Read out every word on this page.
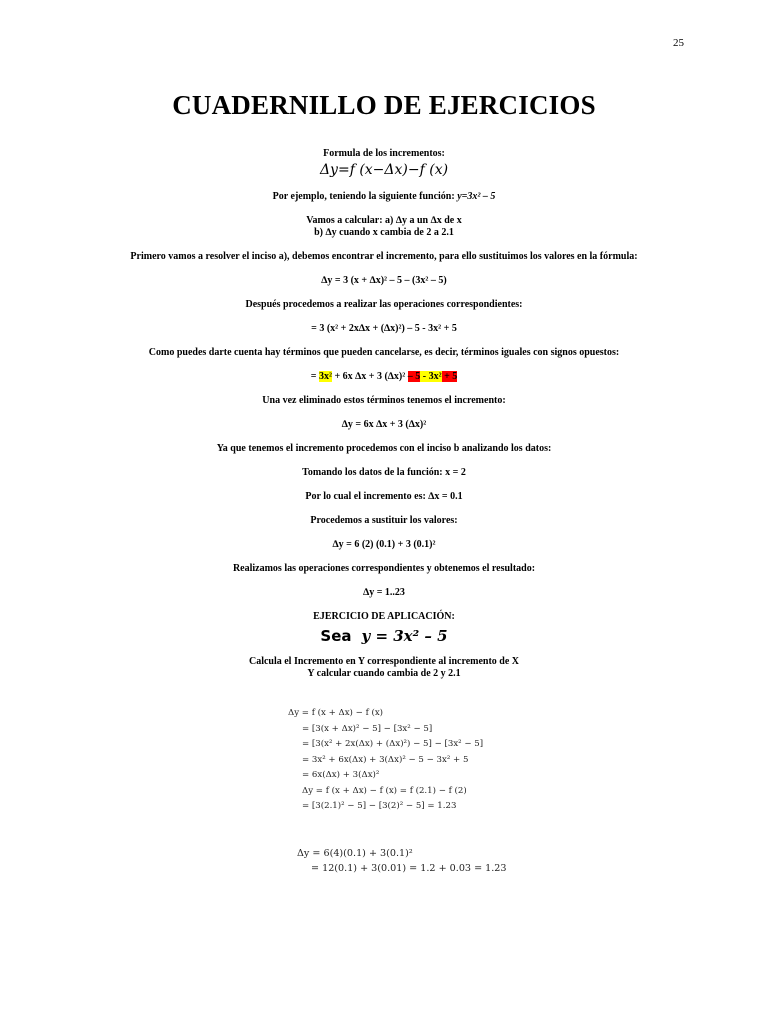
25
CUADERNILLO DE EJERCICIOS

Formula de los incrementos:

Δy=f (x−Δx)−f (x)

Por ejemplo, teniendo la siguiente función: y=3x² – 5

Vamos a calcular: a) ∆y a un ∆x de x

b) ∆y cuando x cambia de 2 a 2.1

Primero vamos a resolver el inciso a), debemos encontrar el incremento, para ello sustituimos los valores en la fórmula:

∆y = 3 (x + ∆x)² – 5 – (3x² – 5)

Después procedemos a realizar las operaciones correspondientes:

= 3 (x² + 2x∆x + (∆x)²) – 5 - 3x² + 5

Como puedes darte cuenta hay términos que pueden cancelarse, es decir, términos iguales con signos opuestos:

= 3x² + 6x ∆x + 3 (∆x)² – 5 - 3x² + 5

Una vez eliminado estos términos tenemos el incremento:

∆y = 6x ∆x + 3 (∆x)²

Ya que tenemos el incremento procedemos con el inciso b analizando los datos:

Tomando los datos de la función: x = 2

Por lo cual el incremento es: ∆x = 0.1

Procedemos a sustituir los valores:

∆y = 6 (2) (0.1) + 3 (0.1)²

Realizamos las operaciones correspondientes y obtenemos el resultado:

∆y = 1..23

EJERCICIO DE APLICACIÓN:

Sea y = 3x² – 5

Calcula el Incremento en Y correspondiente al incremento de X

Y calcular cuando cambia de 2 y 2.1

Δy = f (x + Δx) − f (x)
= [3(x + Δx)² − 5] − [3x² − 5]
= [3(x² + 2x(Δx) + (Δx)²) − 5] − [3x² − 5]
= 3x² + 6x(Δx) + 3(Δx)² − 5 − 3x² + 5
= 6x(Δx) + 3(Δx)²
Δy = f (x + Δx) − f (x) = f (2.1) − f (2)
= [3(2.1)² − 5] − [3(2)² − 5] = 1.23
Δy = 6(4)(0.1) + 3(0.1)²
= 12(0.1) + 3(0.01) = 1.2 + 0.03 = 1.23
